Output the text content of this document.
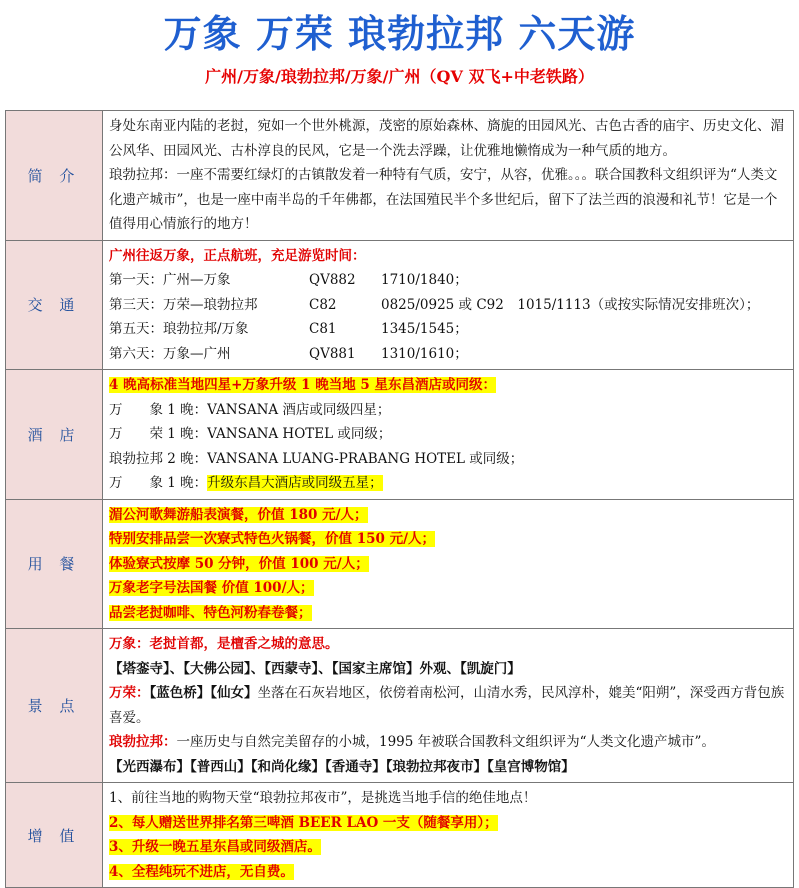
万象 万荣 琅勃拉邦 六天游
广州/万象/琅勃拉邦/万象/广州（QV 双飞+中老铁路）
简 介	身处东南亚内陆的老挝，宛如一个世外桃源，茂密的原始森林、旖旎的田园风光、古色古香的庙宇、历史文化、湄公风华、田园风光、古朴淳良的民风，它是一个洗去浮躁，让优雅地懒惰成为一种气质的地方。

琅勃拉邦：一座不需要红绿灯的古镇散发着一种特有气质，安宁，从容，优雅。。。联合国教科文组织评为“人类文化遗产城市”，也是一座中南半岛的千年佛都，在法国殖民半个多世纪后，留下了法兰西的浪漫和礼节！它是一个值得用心情旅行的地方！

交 通	广州往返万象，正点航班，充足游览时间：

第一天：广州—万象 QV882 1710/1840；

第三天：万荣—琅勃拉邦 C82 0825/0925 或 C92　1015/1113（或按实际情况安排班次）；

第五天：琅勃拉邦/万象 C81 1345/1545；

第六天：万象—广州 QV881 1310/1610；

酒 店	4 晚高标准当地四星+万象升级 1 晚当地 5 星东昌酒店或同级：

万　　象 1 晚：VANSANA 酒店或同级四星；

万　　荣 1 晚：VANSANA HOTEL 或同级；

琅勃拉邦 2 晚：VANSANA LUANG-PRABANG HOTEL 或同级；

万　　象 1 晚：升级东昌大酒店或同级五星；

用 餐	湄公河歌舞游船表演餐，价值 180 元/人；

特别安排品尝一次寮式特色火锅餐，价值 150 元/人；

体验寮式按摩 50 分钟，价值 100 元/人；

万象老字号法国餐 价值 100/人；

品尝老挝咖啡、特色河粉春卷餐；

景 点	万象：老挝首都，是檀香之城的意思。

【塔銮寺】、【大佛公园】、【西蒙寺】、【国家主席馆】外观、【凯旋门】

万荣：【蓝色桥】【仙女】坐落在石灰岩地区，依傍着南松河，山清水秀，民风淳朴，媲美“阳朔”，深受西方背包族喜爱。

琅勃拉邦：一座历史与自然完美留存的小城，1995 年被联合国教科文组织评为“人类文化遗产城市”。

【光西瀑布】【普西山】【和尚化缘】【香通寺】【琅勃拉邦夜市】【皇宫博物馆】

增 值	1、前往当地的购物天堂“琅勃拉邦夜市”，是挑选当地手信的绝佳地点！

2、每人赠送世界排名第三啤酒 BEER LAO 一支（随餐享用）；

3、升级一晚五星东昌或同级酒店。

4、全程纯玩不进店，无自费。
